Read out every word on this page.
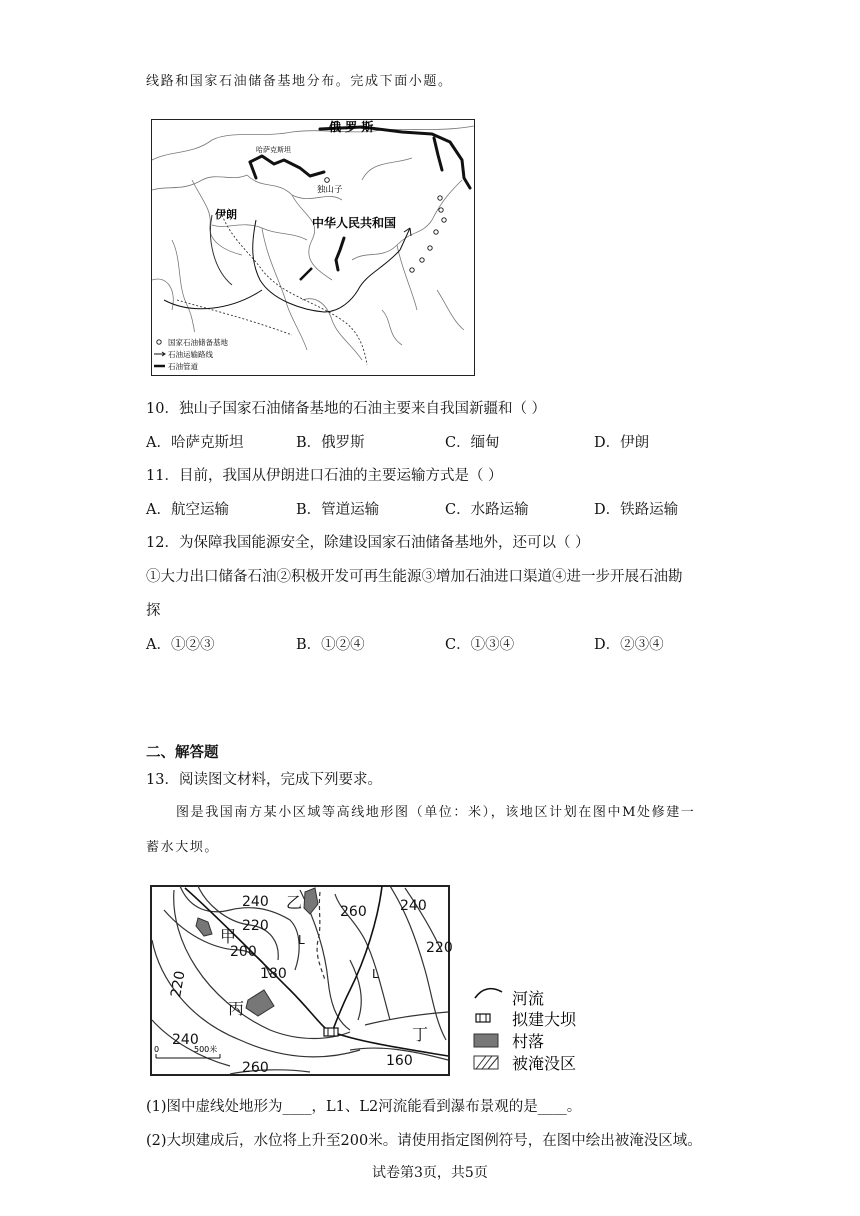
线路和国家石油储备基地分布。完成下面小题。
俄 罗 斯
哈萨克斯坦
独山子
伊朗
中华人民共和国
国家石油储备基地
石油运输路线
石油管道
10．独山子国家石油储备基地的石油主要来自我国新疆和（ ）
A．哈萨克斯坦	B．俄罗斯	C．缅甸	D．伊朗
11．目前，我国从伊朗进口石油的主要运输方式是（ ）
A．航空运输	B．管道运输	C．水路运输	D．铁路运输
12．为保障我国能源安全，除建设国家石油储备基地外，还可以（ ）
①大力出口储备石油②积极开发可再生能源③增加石油进口渠道④进一步开展石油勘
探
A．①②③	B．①②④	C．①③④	D．②③④
二、解答题
13．阅读图文材料，完成下列要求。
图是我国南方某小区域等高线地形图（单位：米），该地区计划在图中M处修建一
蓄水大坝。
240
220
200
180
260 240
220
220
240
260	160
乙
甲
丙
丁
L
L
0	500米
河流
拟建大坝
村落
被淹没区
(1)图中虚线处地形为____，L1、L2河流能看到瀑布景观的是____。
(2)大坝建成后，水位将上升至200米。请使用指定图例符号，在图中绘出被淹没区域。
试卷第3页，共5页
